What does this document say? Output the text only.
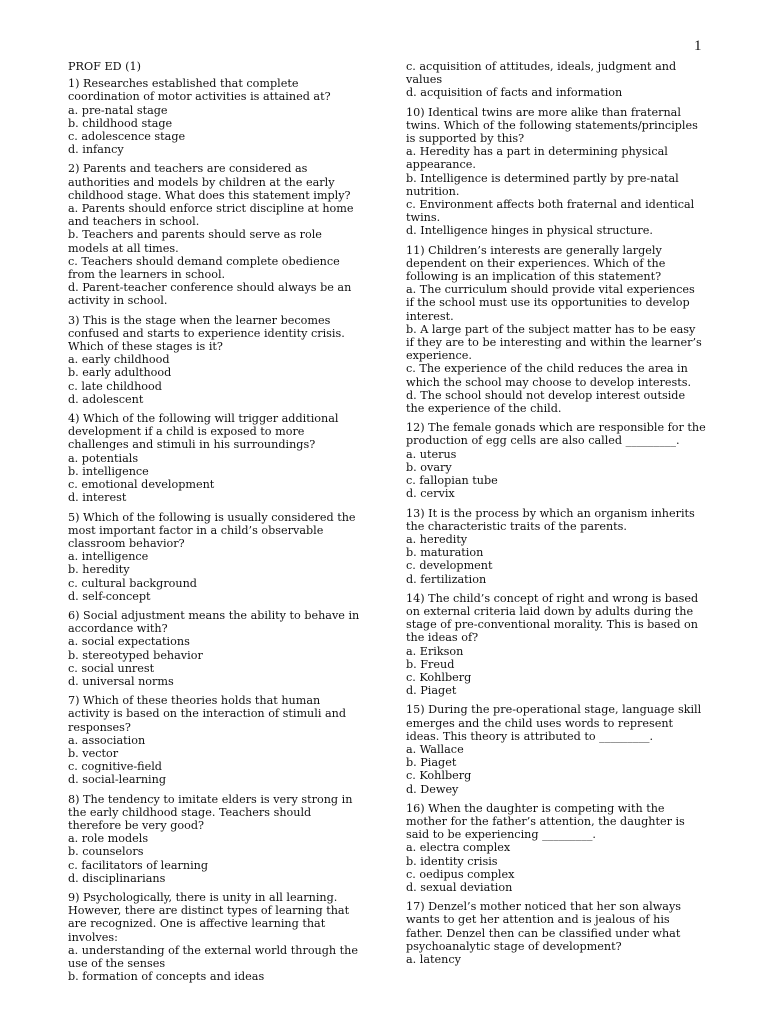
1
PROF ED (1)

1) Researches established that complete coordination of motor activities is attained at?

a. pre-natal stage

b. childhood stage

c. adolescence stage

d. infancy

2) Parents and teachers are considered as authorities and models by children at the early childhood stage. What does this statement imply?

a. Parents should enforce strict discipline at home and teachers in school.

b. Teachers and parents should serve as role models at all times.

c. Teachers should demand complete obedience from the learners in school.

d. Parent-teacher conference should always be an activity in school.

3) This is the stage when the learner becomes confused and starts to experience identity crisis. Which of these stages is it?

a. early childhood

b. early adulthood

c. late childhood

d. adolescent

4) Which of the following will trigger additional development if a child is exposed to more challenges and stimuli in his surroundings?

a. potentials

b. intelligence

c. emotional development

d. interest

5) Which of the following is usually considered the most important factor in a child’s observable classroom behavior?

a. intelligence

b. heredity

c. cultural background

d. self-concept

6) Social adjustment means the ability to behave in accordance with?

a. social expectations

b. stereotyped behavior

c. social unrest

d. universal norms

7) Which of these theories holds that human activity is based on the interaction of stimuli and responses?

a. association

b. vector

c. cognitive-field

d. social-learning

8) The tendency to imitate elders is very strong in the early childhood stage. Teachers should therefore be very good?

a. role models

b. counselors

c. facilitators of learning

d. disciplinarians

9) Psychologically, there is unity in all learning. However, there are distinct types of learning that are recognized. One is affective learning that involves:

a. understanding of the external world through the use of the senses

b. formation of concepts and ideas

c. acquisition of attitudes, ideals, judgment and values

d. acquisition of facts and information

10) Identical twins are more alike than fraternal twins. Which of the following statements/principles is supported by this?

a. Heredity has a part in determining physical appearance.

b. Intelligence is determined partly by pre-natal nutrition.

c. Environment affects both fraternal and identical twins.

d. Intelligence hinges in physical structure.

11) Children’s interests are generally largely dependent on their experiences. Which of the following is an implication of this statement?

a. The curriculum should provide vital experiences if the school must use its opportunities to develop interest.

b. A large part of the subject matter has to be easy if they are to be interesting and within the learner’s experience.

c. The experience of the child reduces the area in which the school may choose to develop interests.

d. The school should not develop interest outside the experience of the child.

12) The female gonads which are responsible for the production of egg cells are also called _________.

a. uterus

b. ovary

c. fallopian tube

d. cervix

13) It is the process by which an organism inherits the characteristic traits of the parents.

a. heredity

b. maturation

c. development

d. fertilization

14) The child’s concept of right and wrong is based on external criteria laid down by adults during the stage of pre-conventional morality. This is based on the ideas of?

a. Erikson

b. Freud

c. Kohlberg

d. Piaget

15) During the pre-operational stage, language skill emerges and the child uses words to represent ideas. This theory is attributed to _________.

a. Wallace

b. Piaget

c. Kohlberg

d. Dewey

16) When the daughter is competing with the mother for the father’s attention, the daughter is said to be experiencing _________.

a. electra complex

b. identity crisis

c. oedipus complex

d. sexual deviation

17) Denzel’s mother noticed that her son always wants to get her attention and is jealous of his father. Denzel then can be classified under what psychoanalytic stage of development?

a. latency
